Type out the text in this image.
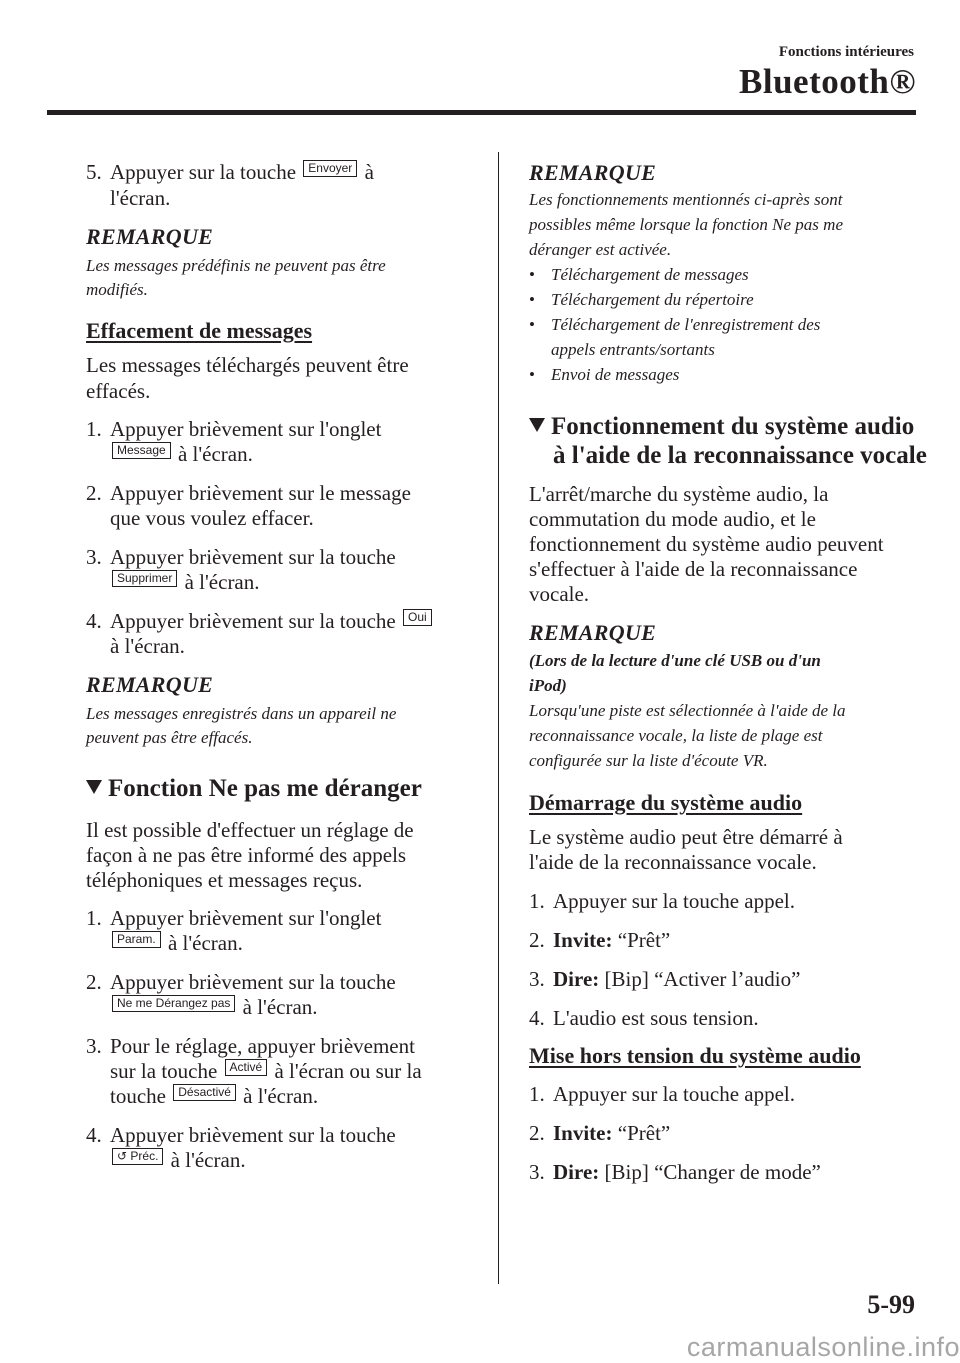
Fonctions intérieures
Bluetooth®
5. Appuyer sur la touche Envoyer à
l'écran.
REMARQUE
Les messages prédéfinis ne peuvent pas être
modifiés.
Effacement de messages
Les messages téléchargés peuvent être
effacés.
1. Appuyer brièvement sur l'onglet
Message à l'écran.
2. Appuyer brièvement sur le message
que vous voulez effacer.
3. Appuyer brièvement sur la touche
Supprimer à l'écran.
4. Appuyer brièvement sur la touche Oui
à l'écran.
REMARQUE
Les messages enregistrés dans un appareil ne
peuvent pas être effacés.
Fonction Ne pas me déranger
Il est possible d'effectuer un réglage de
façon à ne pas être informé des appels
téléphoniques et messages reçus.
1. Appuyer brièvement sur l'onglet
Param. à l'écran.
2. Appuyer brièvement sur la touche
Ne me Dérangez pas à l'écran.
3. Pour le réglage, appuyer brièvement
sur la touche Activé à l'écran ou sur la
touche Désactivé à l'écran.
4. Appuyer brièvement sur la touche
↺ Préc. à l'écran.
REMARQUE
Les fonctionnements mentionnés ci-après sont
possibles même lorsque la fonction Ne pas me
déranger est activée.
• Téléchargement de messages
• Téléchargement du répertoire
• Téléchargement de l'enregistrement des
appels entrants/sortants
• Envoi de messages
Fonctionnement du système audio
à l'aide de la reconnaissance vocale
L'arrêt/marche du système audio, la
commutation du mode audio, et le
fonctionnement du système audio peuvent
s'effectuer à l'aide de la reconnaissance
vocale.
REMARQUE
(Lors de la lecture d'une clé USB ou d'un
iPod)
Lorsqu'une piste est sélectionnée à l'aide de la
reconnaissance vocale, la liste de plage est
configurée sur la liste d'écoute VR.
Démarrage du système audio
Le système audio peut être démarré à
l'aide de la reconnaissance vocale.
1. Appuyer sur la touche appel.
2. Invite: “Prêt”
3. Dire: [Bip] “Activer l’audio”
4. L'audio est sous tension.
Mise hors tension du système audio
1. Appuyer sur la touche appel.
2. Invite: “Prêt”
3. Dire: [Bip] “Changer de mode”
5-99
carmanualsonline.info
